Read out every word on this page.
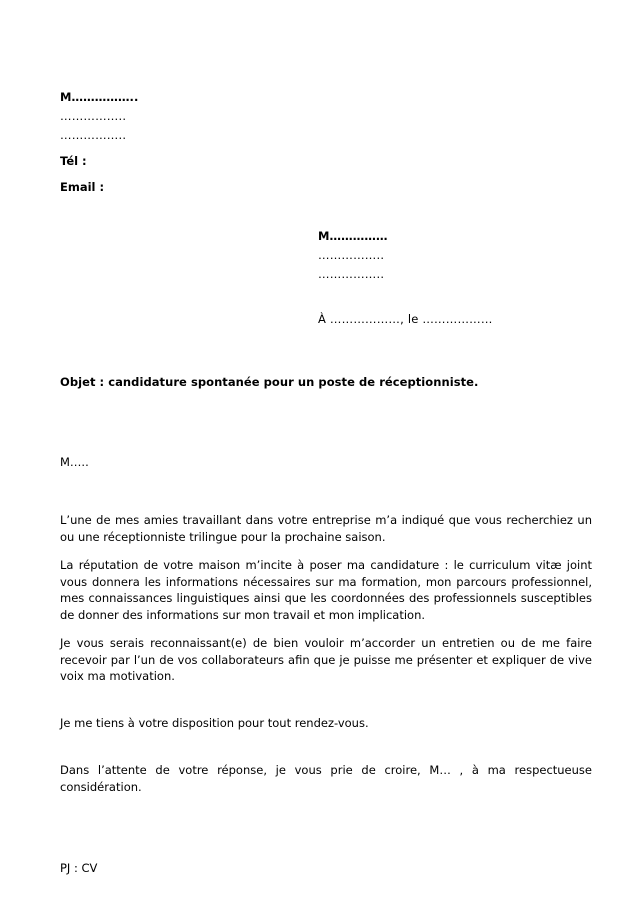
M……………..
……………..
……………..
Tél :
Email :
M……………
……………..
……………..
À ………………, le ………………
Objet : candidature spontanée pour un poste de réceptionniste.
M…..

L’une de mes amies travaillant dans votre entreprise m’a indiqué que vous recherchiez un ou une réceptionniste trilingue pour la prochaine saison.

La réputation de votre maison m’incite à poser ma candidature : le curriculum vitæ joint vous donnera les informations nécessaires sur ma formation, mon parcours professionnel, mes connaissances linguistiques ainsi que les coordonnées des professionnels susceptibles de donner des informations sur mon travail et mon implication.

Je vous serais reconnaissant(e) de bien vouloir m’accorder un entretien ou de me faire recevoir par l’un de vos collaborateurs afin que je puisse me présenter et expliquer de vive voix ma motivation.

Je me tiens à votre disposition pour tout rendez-vous.

Dans l’attente de votre réponse, je vous prie de croire, M… , à ma respectueuse considération.

PJ : CV
